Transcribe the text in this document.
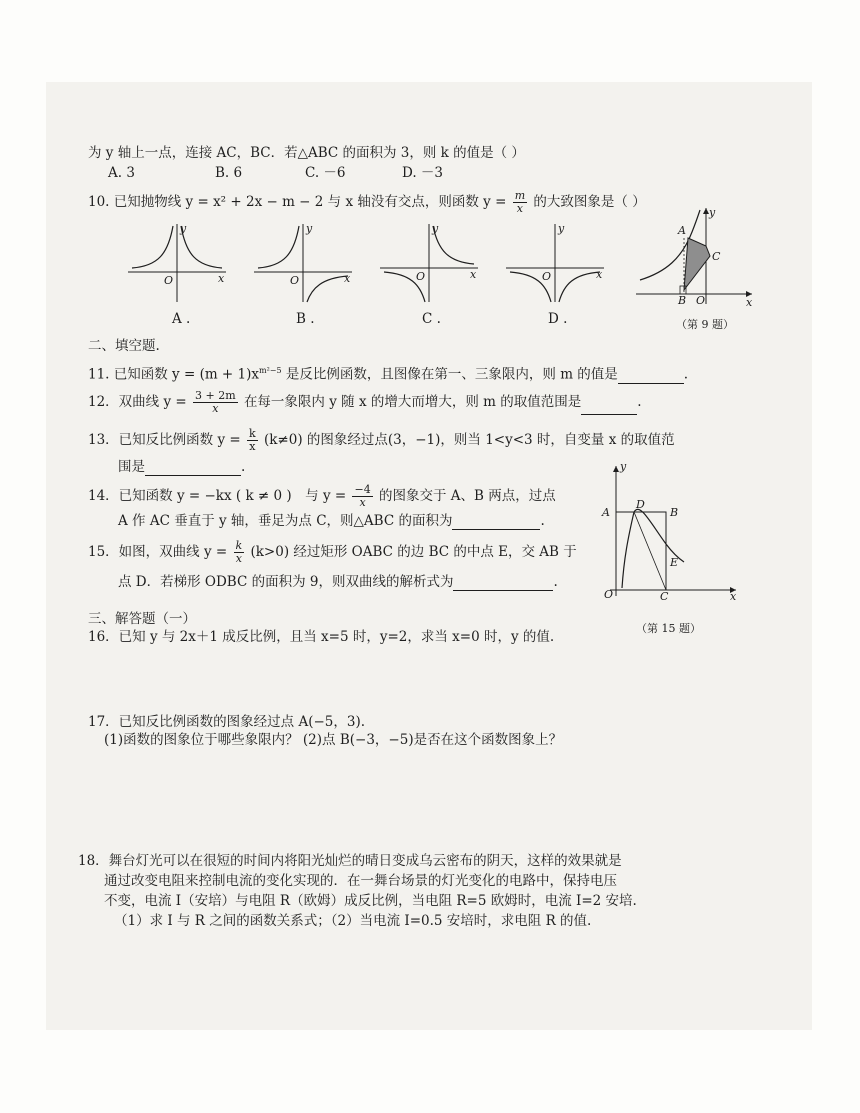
为 y 轴上一点，连接 AC，BC．若△ABC 的面积为 3，则 k 的值是（ ）
A. 3	B. 6	C. －6	D. －3
10. 已知抛物线 y = x² + 2x − m − 2 与 x 轴没有交点，则函数 $y = \frac{m}{x}$ 的大致图象是（ ）
y
x
O
A .
y
x
O
B .
y
x
O
C .
y
x
O
D .
A
C
B O
y
x
（第 9 题）
二、填空题.
11. 已知函数 $y = (m + 1)x^{m^2-5}$ 是反比例函数，且图像在第一、三象限内，则 m 的值是	.
12．双曲线 $y = \frac{3 + 2m}{x}$ 在每一象限内 y 随 x 的增大而增大，则 m 的取值范围是	.
13．已知反比例函数 $y = \frac{k}{x} (k\ne 0)$ 的图象经过点(3，−1)，则当 1<y<3 时，自变量 x 的取值范
围是	.
14．已知函数 y = −kx ( k ≠ 0 )　与 $y = \frac{-4}{x}$ 的图象交于 A、B 两点，过点
A 作 AC 垂直于 y 轴，垂足为点 C，则△ABC 的面积为	.
15．如图，双曲线 $y = \frac{k}{x} (k>0)$ 经过矩形 OABC 的边 BC 的中点 E，交 AB 于
点 D．若梯形 ODBC 的面积为 9，则双曲线的解析式为	.
A
D
B
E
O	C
y
x
（第 15 题）
三、解答题（一）
16．已知 y 与 2x＋1 成反比例，且当 x=5 时，y=2，求当 x=0 时，y 的值.
17．已知反比例函数的图象经过点 A(−5，3).
(1)函数的图象位于哪些象限内？ (2)点 B(−3，−5)是否在这个函数图象上？
18．舞台灯光可以在很短的时间内将阳光灿烂的晴日变成乌云密布的阴天，这样的效果就是
通过改变电阻来控制电流的变化实现的．在一舞台场景的灯光变化的电路中，保持电压
不变，电流 I（安培）与电阻 R（欧姆）成反比例，当电阻 R=5 欧姆时，电流 I=2 安培.
（1）求 I 与 R 之间的函数关系式；（2）当电流 I=0.5 安培时，求电阻 R 的值.
